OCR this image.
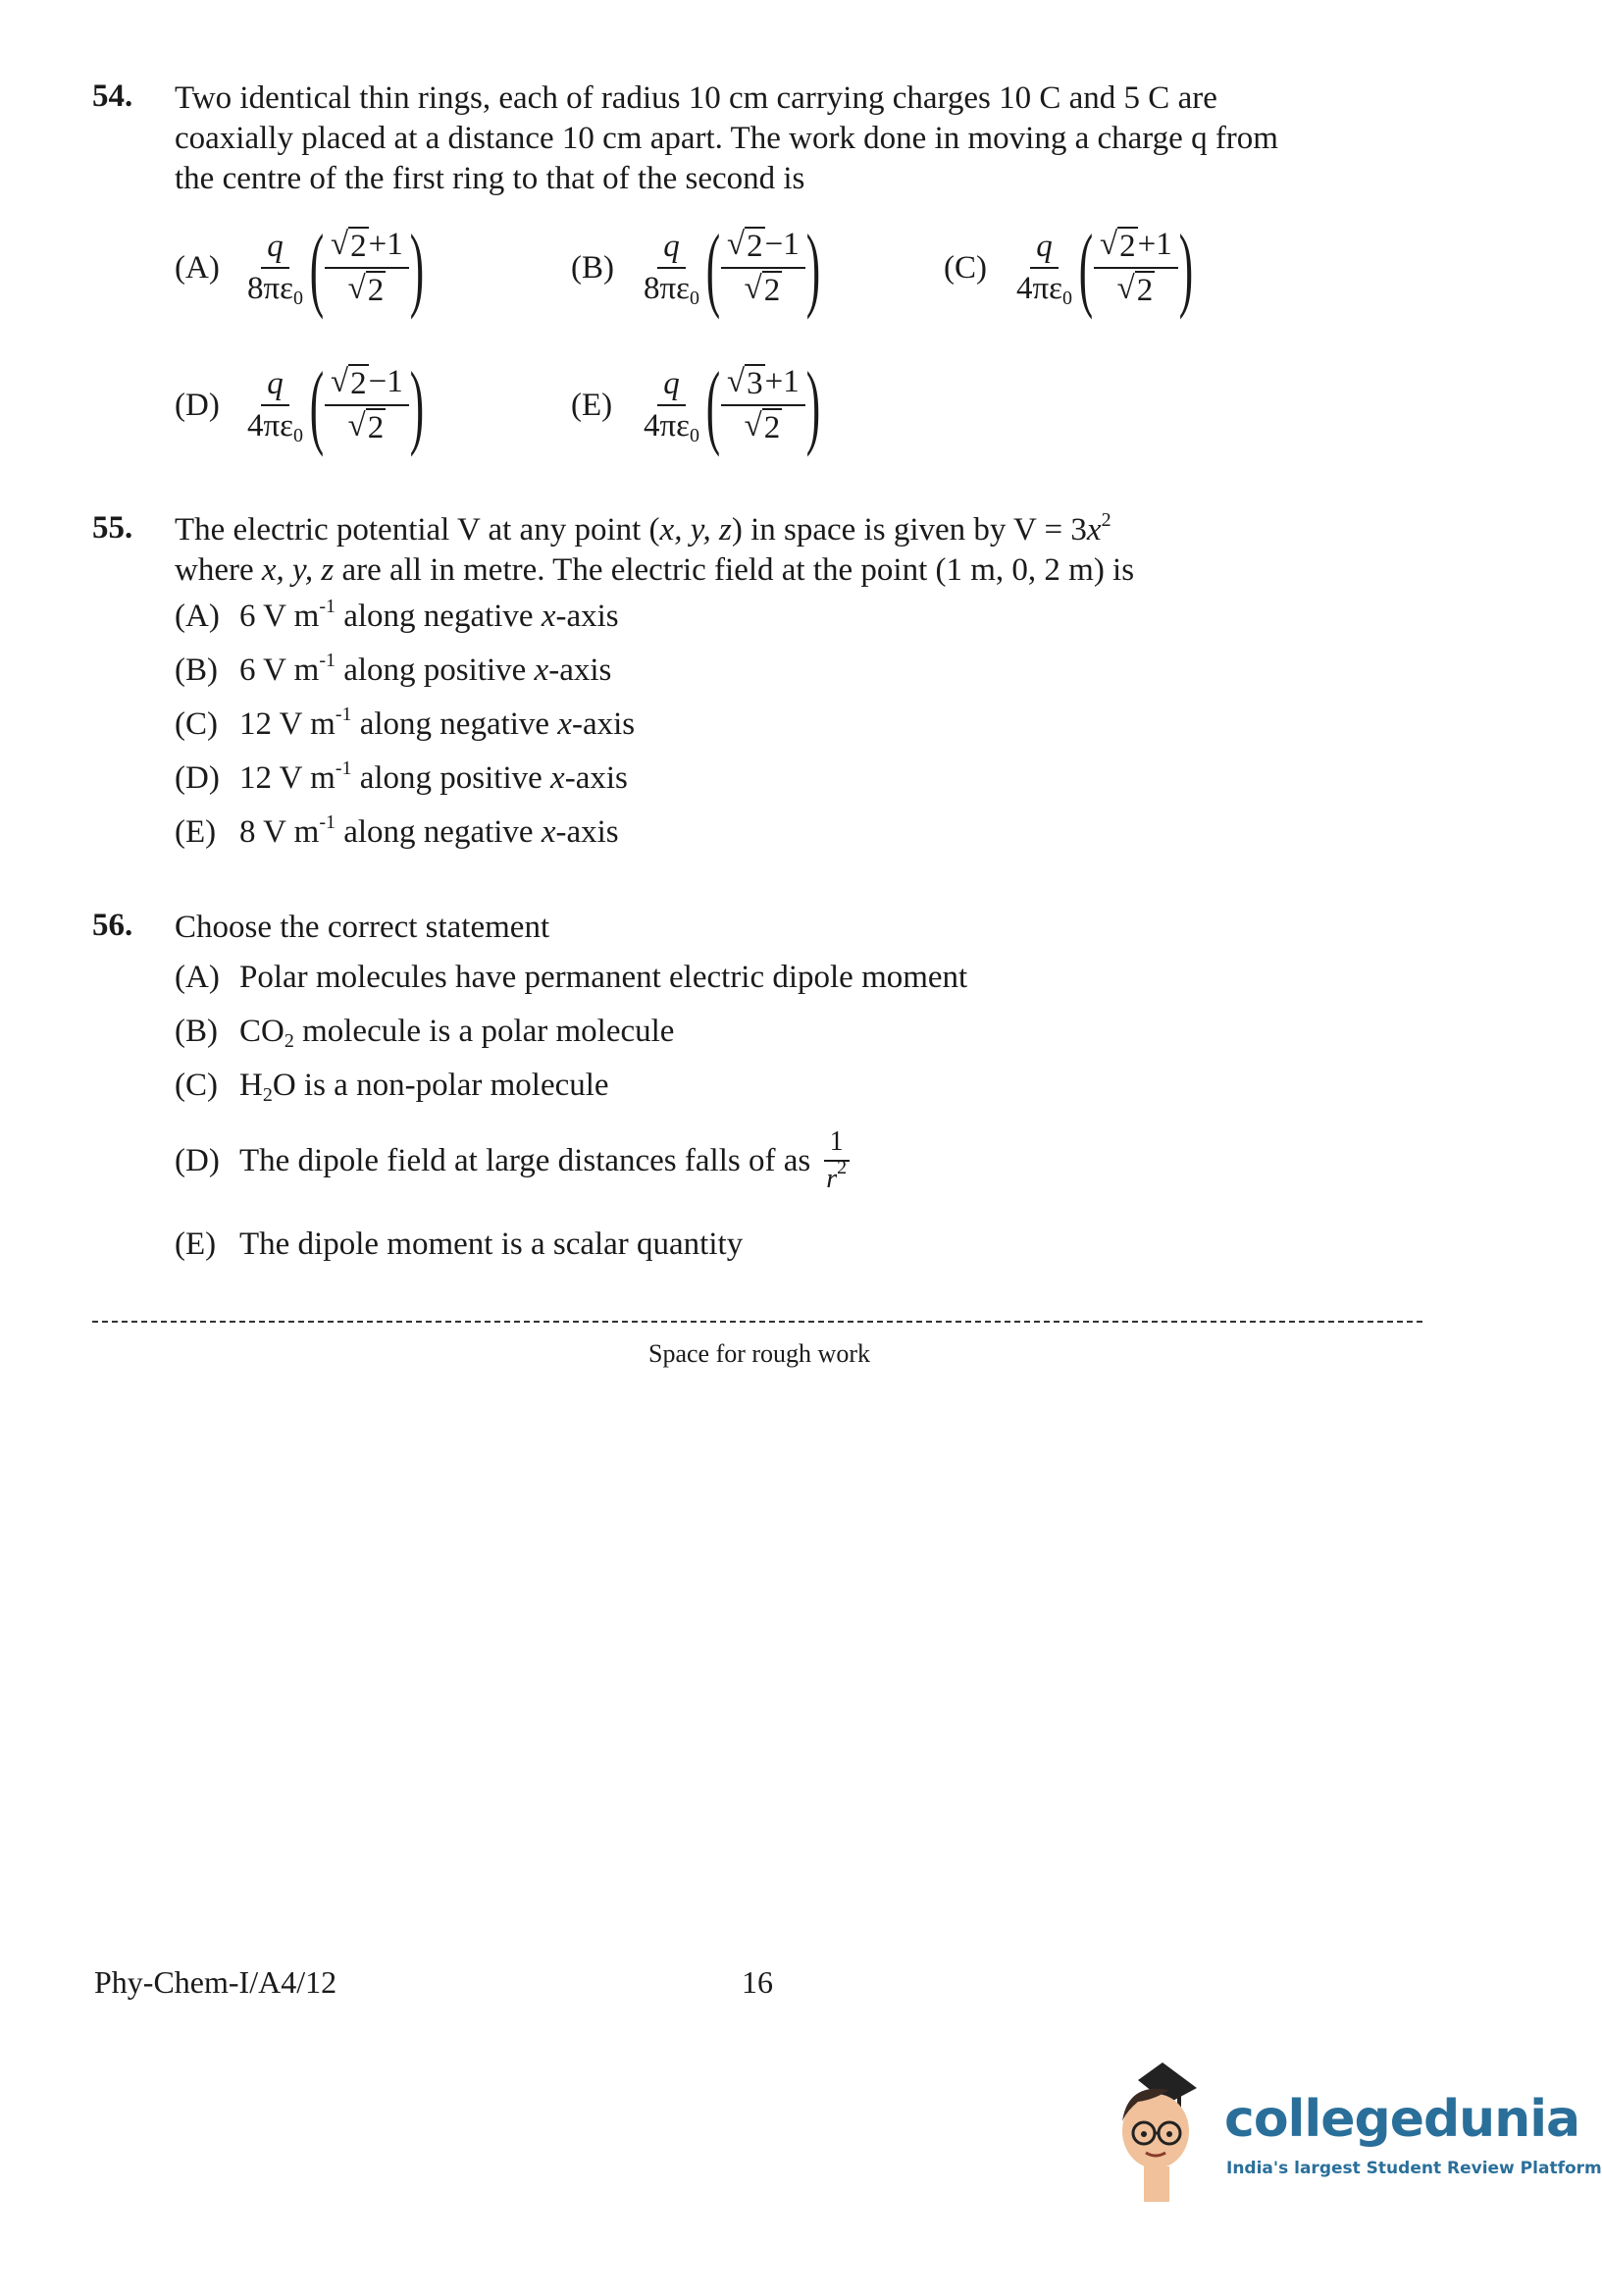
54. Two identical thin rings, each of radius 10 cm carrying charges 10 C and 5 C are
coaxially placed at a distance 10 cm apart. The work done in moving a charge q from
the centre of the first ring to that of the second is
$(A) \frac{q}{8\pi\varepsilon_0}$ ( $\frac{√ 2 +1}{√ 2}$ )	$(B) \frac{q}{8\pi\varepsilon_0}$ ( $\frac{√ 2 -1}{√ 2}$ )	$(C) \frac{q}{4\pi\varepsilon_0}$ ( $\frac{√ 2 +1}{√ 2}$ )
$(D) \frac{q}{4\pi\varepsilon_0}$ ( $\frac{√ 2 -1}{√ 2}$ )	$(E) \frac{q}{4\pi\varepsilon_0}$ ( $\frac{√ 3 +1}{√ 2}$ )
55. The electric potential V at any point (x, y, z) in space is given by $V = 3x^2$
where x, y, z are all in metre. The electric field at the point (1 m, 0, 2 m) is
(A) 6 V $m^{-1}$ along negative x-axis
(B) 6 V $m^{-1}$ along positive x-axis
(C) 12 V $m^{-1}$ along negative x-axis
(D) 12 V $m^{-1}$ along positive x-axis
(E) 8 V $m^{-1}$ along negative x-axis
56. Choose the correct statement
(A) Polar molecules have permanent electric dipole moment
(B) $CO_2$ molecule is a polar molecule
(C) $H_2O$ is a non-polar molecule
(D) The dipole field at large distances falls of as $\frac{1}{r^2}$
(E) The dipole moment is a scalar quantity
Space for rough work
Phy-Chem-I/A4/12	16
collegedunia
India's largest Student Review Platform
